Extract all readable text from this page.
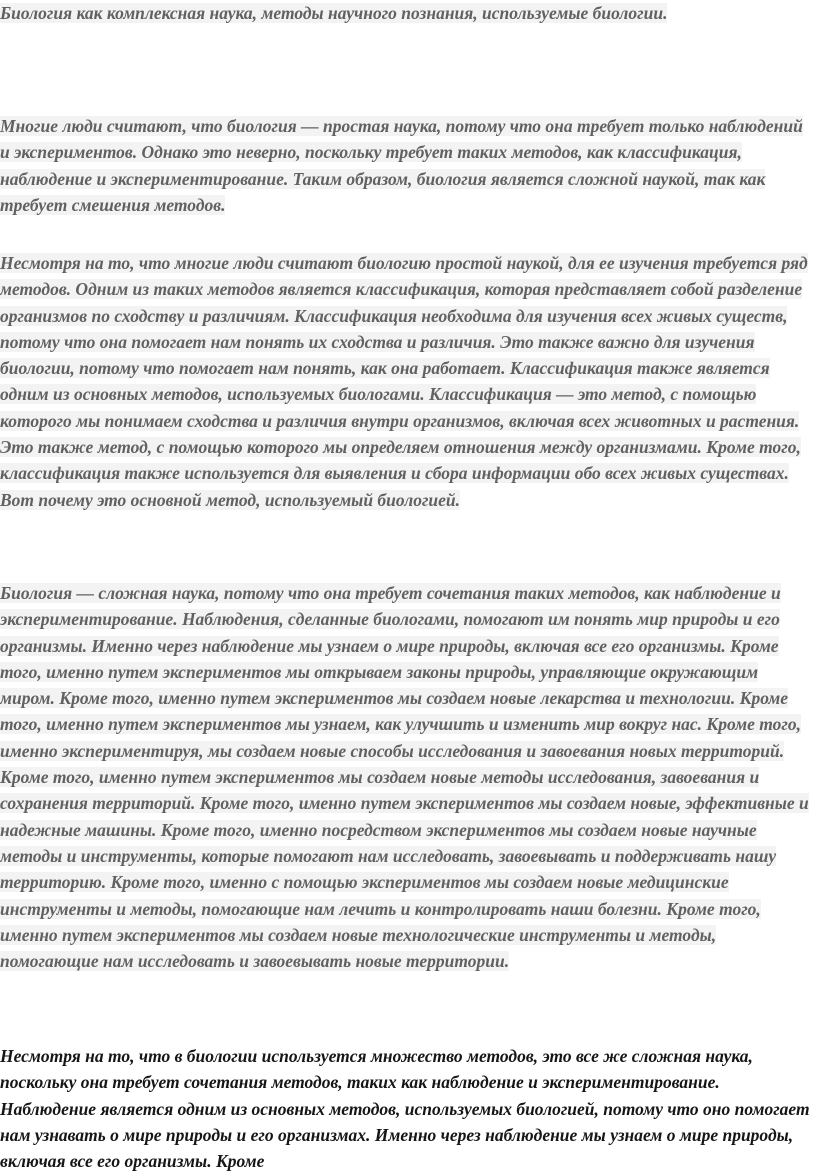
Биология как комплексная наука, методы научного познания, используемые биологии.

Многие люди считают, что биология — простая наука, потому что она требует только наблюдений и экспериментов. Однако это неверно, поскольку требует таких методов, как классификация, наблюдение и экспериментирование. Таким образом, биология является сложной наукой, так как требует смешения методов.

Несмотря на то, что многие люди считают биологию простой наукой, для ее изучения требуется ряд методов. Одним из таких методов является классификация, которая представляет собой разделение организмов по сходству и различиям. Классификация необходима для изучения всех живых существ, потому что она помогает нам понять их сходства и различия. Это также важно для изучения биологии, потому что помогает нам понять, как она работает. Классификация также является одним из основных методов, используемых биологами. Классификация — это метод, с помощью которого мы понимаем сходства и различия внутри организмов, включая всех животных и растения. Это также метод, с помощью которого мы определяем отношения между организмами. Кроме того, классификация также используется для выявления и сбора информации обо всех живых существах. Вот почему это основной метод, используемый биологией.

Биология — сложная наука, потому что она требует сочетания таких методов, как наблюдение и экспериментирование. Наблюдения, сделанные биологами, помогают им понять мир природы и его организмы. Именно через наблюдение мы узнаем о мире природы, включая все его организмы. Кроме того, именно путем экспериментов мы открываем законы природы, управляющие окружающим миром. Кроме того, именно путем экспериментов мы создаем новые лекарства и технологии. Кроме того, именно путем экспериментов мы узнаем, как улучшить и изменить мир вокруг нас. Кроме того, именно экспериментируя, мы создаем новые способы исследования и завоевания новых территорий. Кроме того, именно путем экспериментов мы создаем новые методы исследования, завоевания и сохранения территорий. Кроме того, именно путем экспериментов мы создаем новые, эффективные и надежные машины. Кроме того, именно посредством экспериментов мы создаем новые научные методы и инструменты, которые помогают нам исследовать, завоевывать и поддерживать нашу территорию. Кроме того, именно с помощью экспериментов мы создаем новые медицинские инструменты и методы, помогающие нам лечить и контролировать наши болезни. Кроме того, именно путем экспериментов мы создаем новые технологические инструменты и методы, помогающие нам исследовать и завоевывать новые территории.

Несмотря на то, что в биологии используется множество методов, это все же сложная наука, поскольку она требует сочетания методов, таких как наблюдение и экспериментирование. Наблюдение является одним из основных методов, используемых биологией, потому что оно помогает нам узнавать о мире природы и его организмах. Именно через наблюдение мы узнаем о мире природы, включая все его организмы. Кроме
